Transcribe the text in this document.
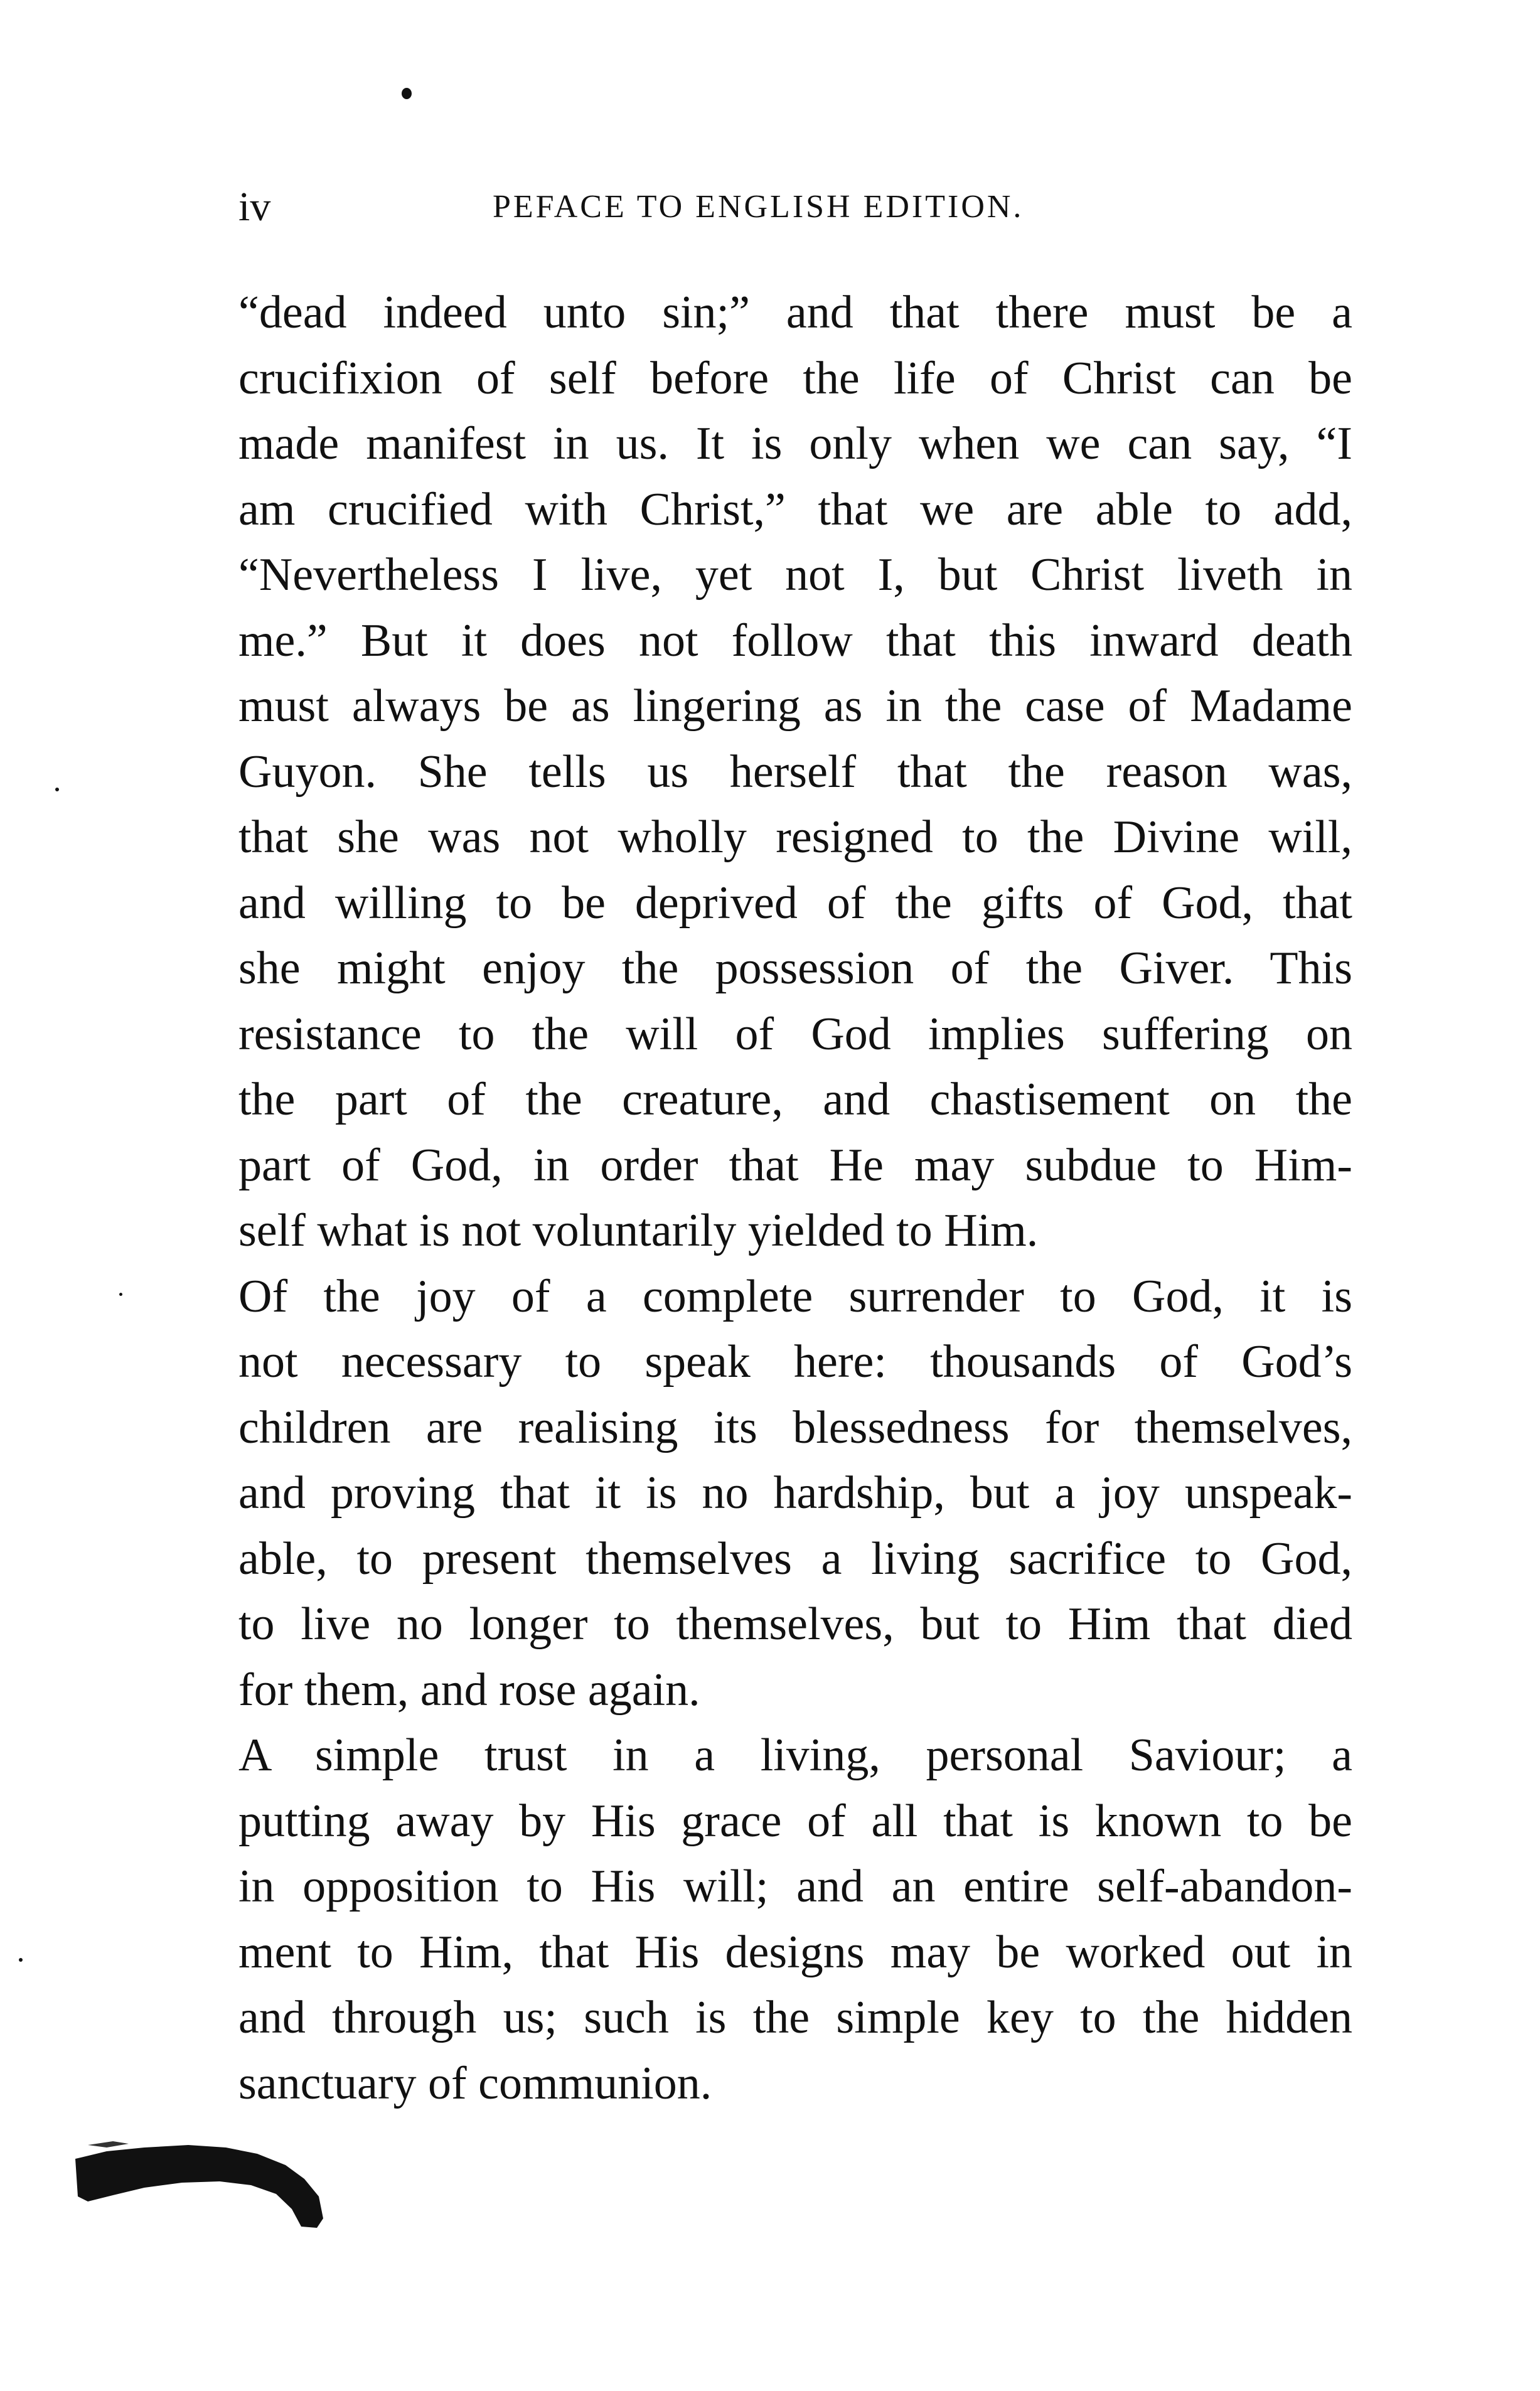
iv	PEFACE TO ENGLISH EDITION.

“dead indeed unto sin;” and that there must be a
crucifixion of self before the life of Christ can be
made manifest in us. It is only when we can say, “I
am crucified with Christ,” that we are able to add,
“Nevertheless I live, yet not I, but Christ liveth in
me.” But it does not follow that this inward death
must always be as lingering as in the case of Madame
Guyon. She tells us herself that the reason was,
that she was not wholly resigned to the Divine will,
and willing to be deprived of the gifts of God, that
she might enjoy the possession of the Giver. This
resistance to the will of God implies suffering on
the part of the creature, and chastisement on the
part of God, in order that He may subdue to Him-
self what is not voluntarily yielded to Him.

Of the joy of a complete surrender to God, it is
not necessary to speak here: thousands of God’s
children are realising its blessedness for themselves,
and proving that it is no hardship, but a joy unspeak-
able, to present themselves a living sacrifice to God,
to live no longer to themselves, but to Him that died
for them, and rose again.

A simple trust in a living, personal Saviour; a
putting away by His grace of all that is known to be
in opposition to His will; and an entire self-abandon-
ment to Him, that His designs may be worked out in
and through us; such is the simple key to the hidden
sanctuary of communion.
